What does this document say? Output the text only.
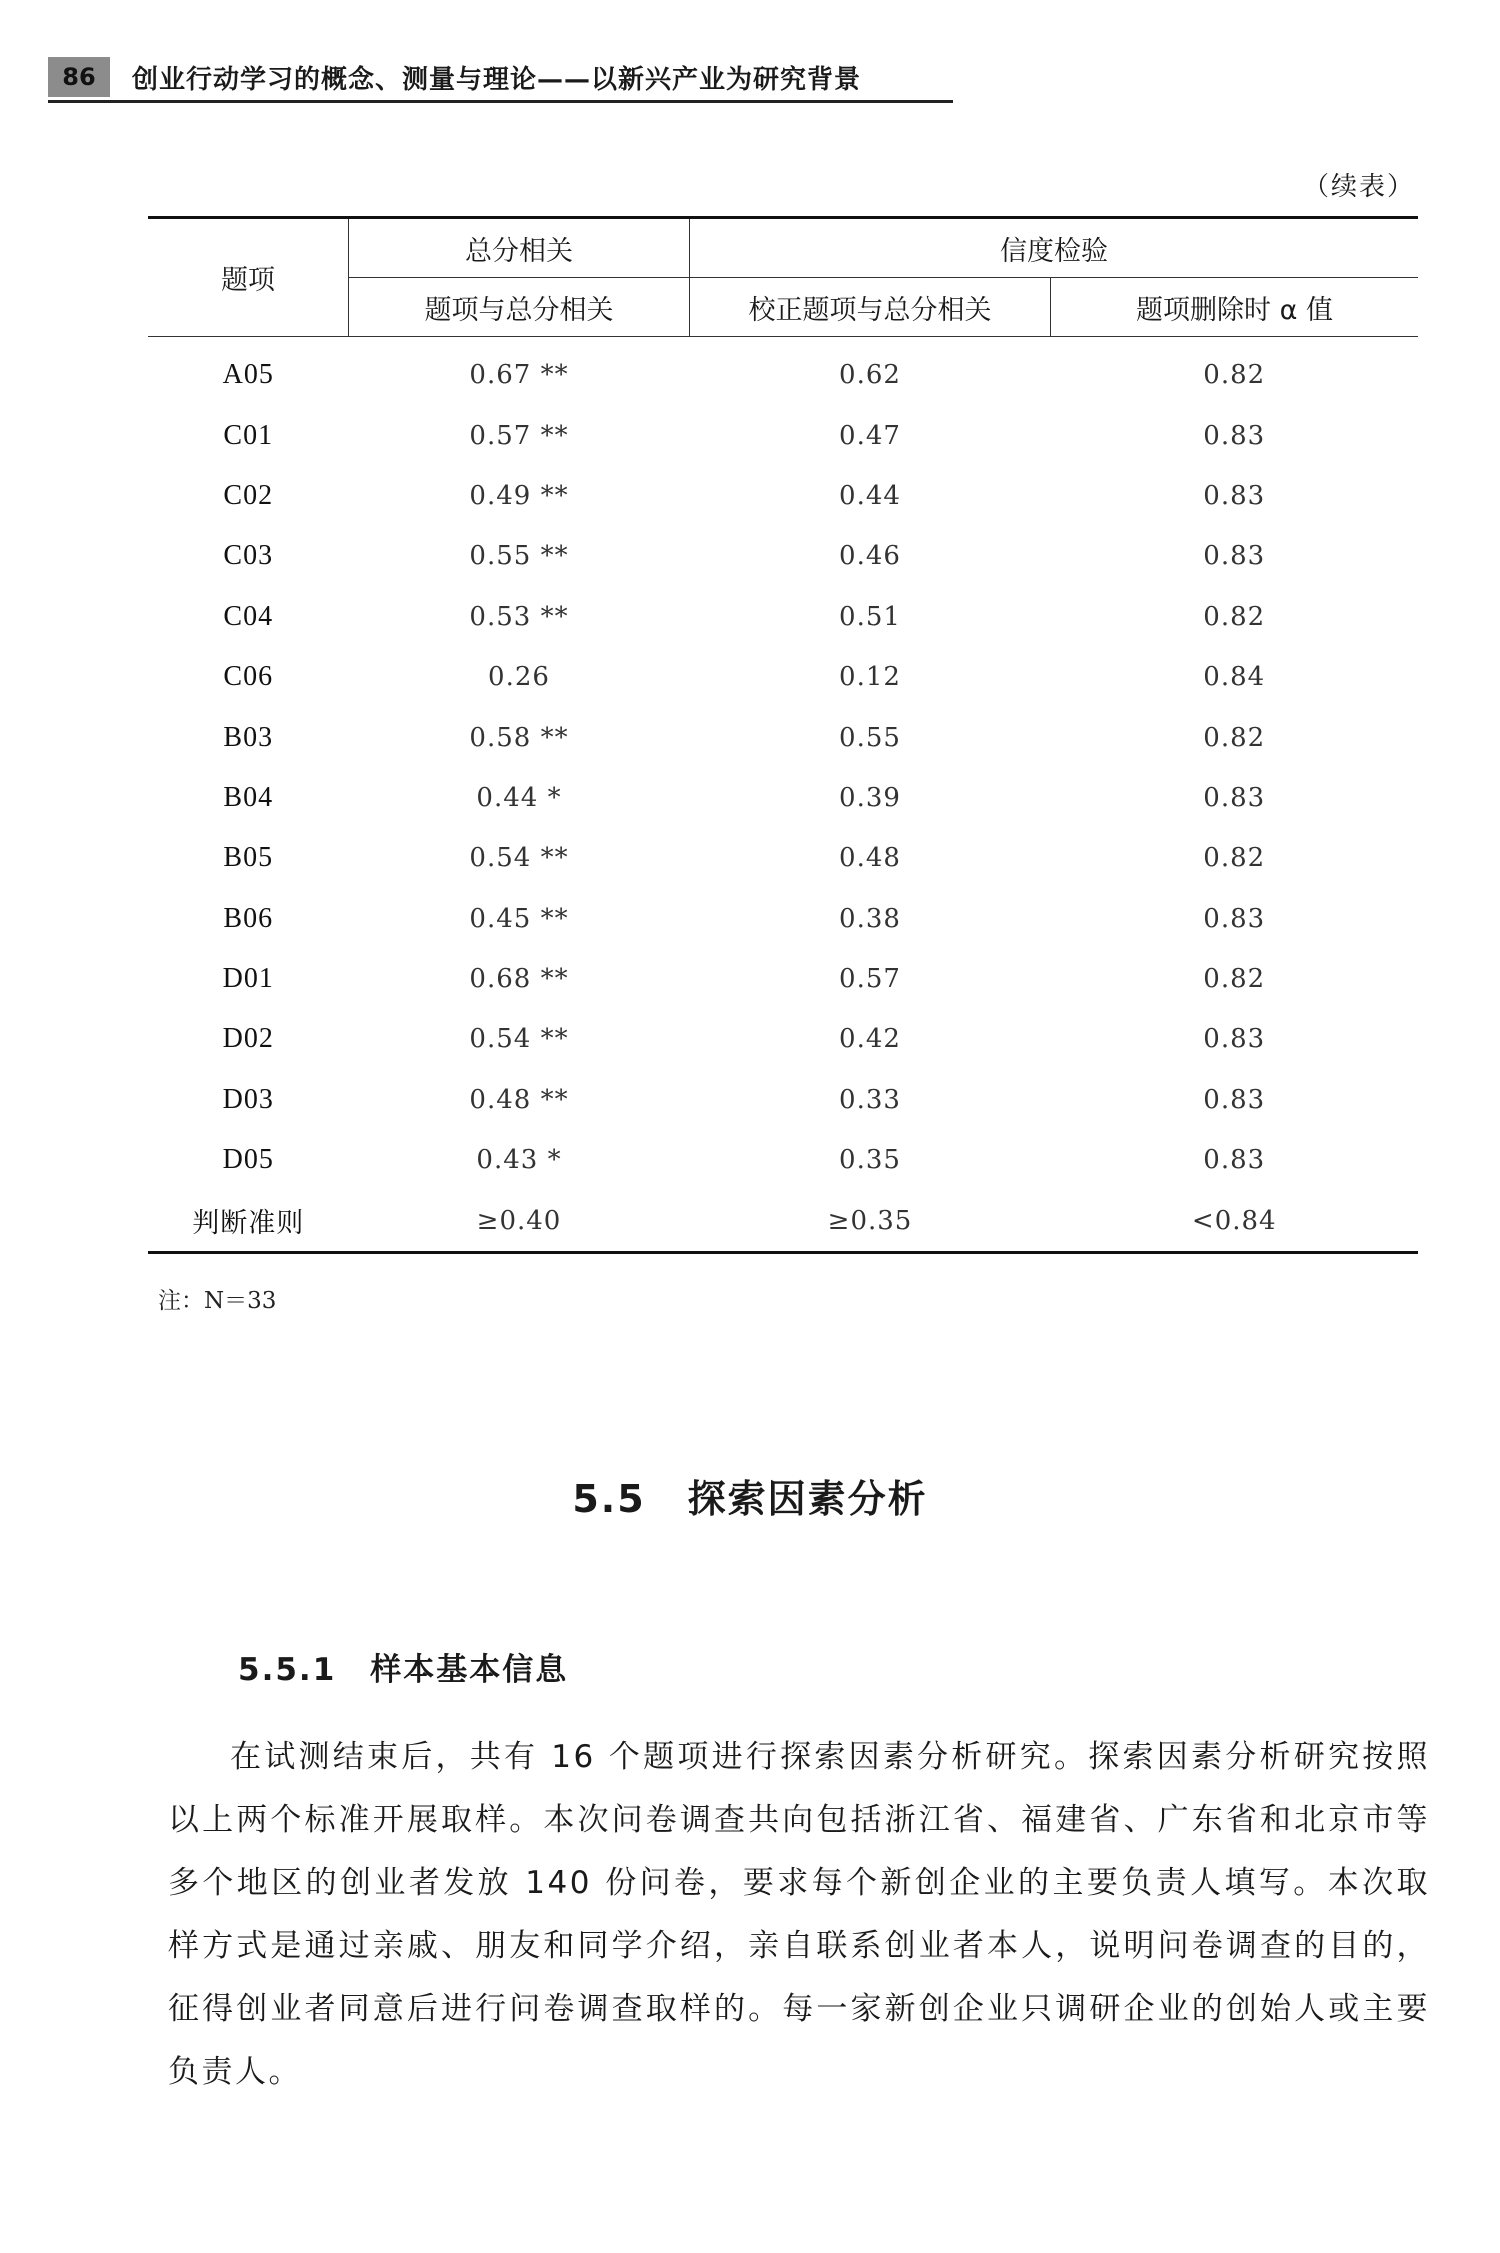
86	创业行动学习的概念、测量与理论——以新兴产业为研究背景
（续表）
题项	总分相关	信度检验	
	题项与总分相关	校正题项与总分相关	题项删除时 α 值
A05	0.67 **	0.62	0.82
C01	0.57 **	0.47	0.83
C02	0.49 **	0.44	0.83
C03	0.55 **	0.46	0.83
C04	0.53 **	0.51	0.82
C06	0.26	0.12	0.84
B03	0.58 **	0.55	0.82
B04	0.44 *	0.39	0.83
B05	0.54 **	0.48	0.82
B06	0.45 **	0.38	0.83
D01	0.68 **	0.57	0.82
D02	0.54 **	0.42	0.83
D03	0.48 **	0.33	0.83
D05	0.43 *	0.35	0.83
判断准则	≥0.40	≥0.35	<0.84
注：N＝33
5.5 探索因素分析
5.5.1 样本基本信息

在试测结束后，共有 16 个题项进行探索因素分析研究。探索因素分析研究按照以上两个标准开展取样。本次问卷调查共向包括浙江省、福建省、广东省和北京市等多个地区的创业者发放 140 份问卷，要求每个新创企业的主要负责人填写。本次取样方式是通过亲戚、朋友和同学介绍，亲自联系创业者本人，说明问卷调查的目的，征得创业者同意后进行问卷调查取样的。每一家新创企业只调研企业的创始人或主要负责人。
